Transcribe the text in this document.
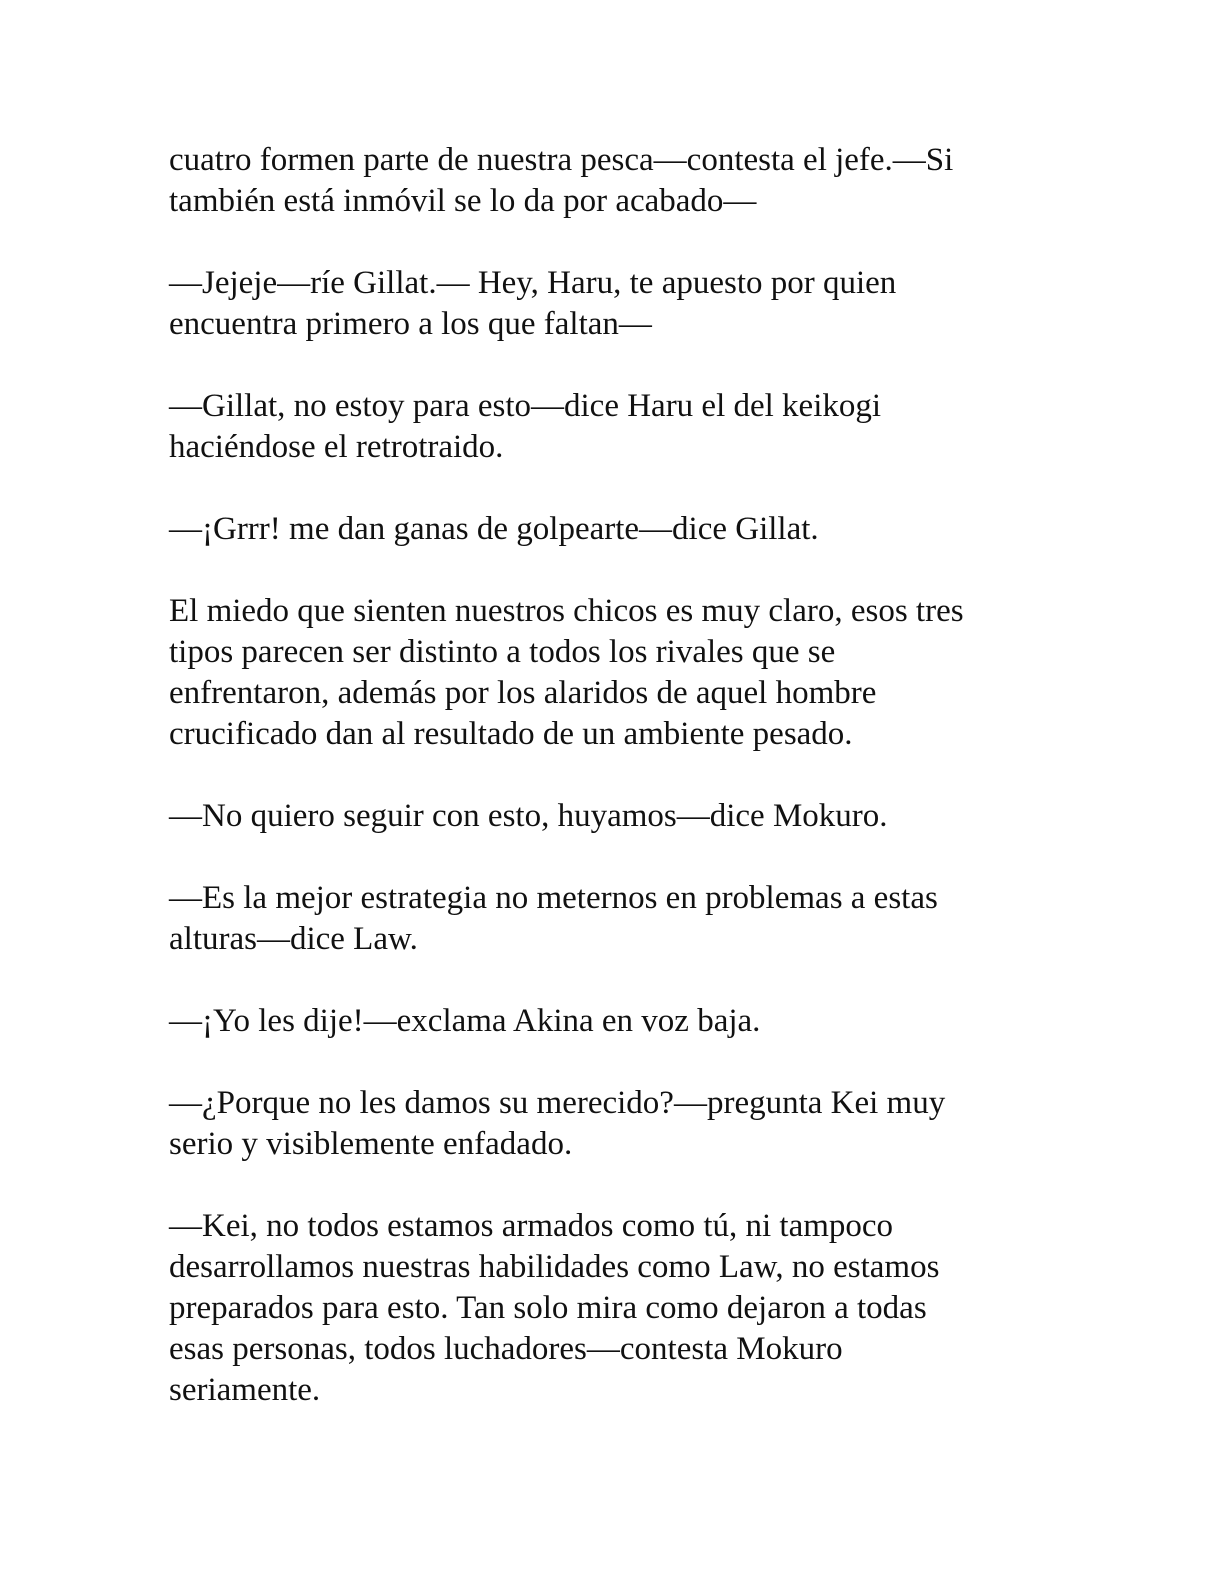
cuatro formen parte de nuestra pesca—contesta el jefe.—Si
también está inmóvil se lo da por acabado—

—Jejeje—ríe Gillat.— Hey, Haru, te apuesto por quien
encuentra primero a los que faltan—

—Gillat, no estoy para esto—dice Haru el del keikogi
haciéndose el retrotraido.

—¡Grrr! me dan ganas de golpearte—dice Gillat.

El miedo que sienten nuestros chicos es muy claro, esos tres
tipos parecen ser distinto a todos los rivales que se
enfrentaron, además por los alaridos de aquel hombre
crucificado dan al resultado de un ambiente pesado.

—No quiero seguir con esto, huyamos—dice Mokuro.

—Es la mejor estrategia no meternos en problemas a estas
alturas—dice Law.

—¡Yo les dije!—exclama Akina en voz baja.

—¿Porque no les damos su merecido?—pregunta Kei muy
serio y visiblemente enfadado.

—Kei, no todos estamos armados como tú, ni tampoco
desarrollamos nuestras habilidades como Law, no estamos
preparados para esto. Tan solo mira como dejaron a todas
esas personas, todos luchadores—contesta Mokuro
seriamente.
